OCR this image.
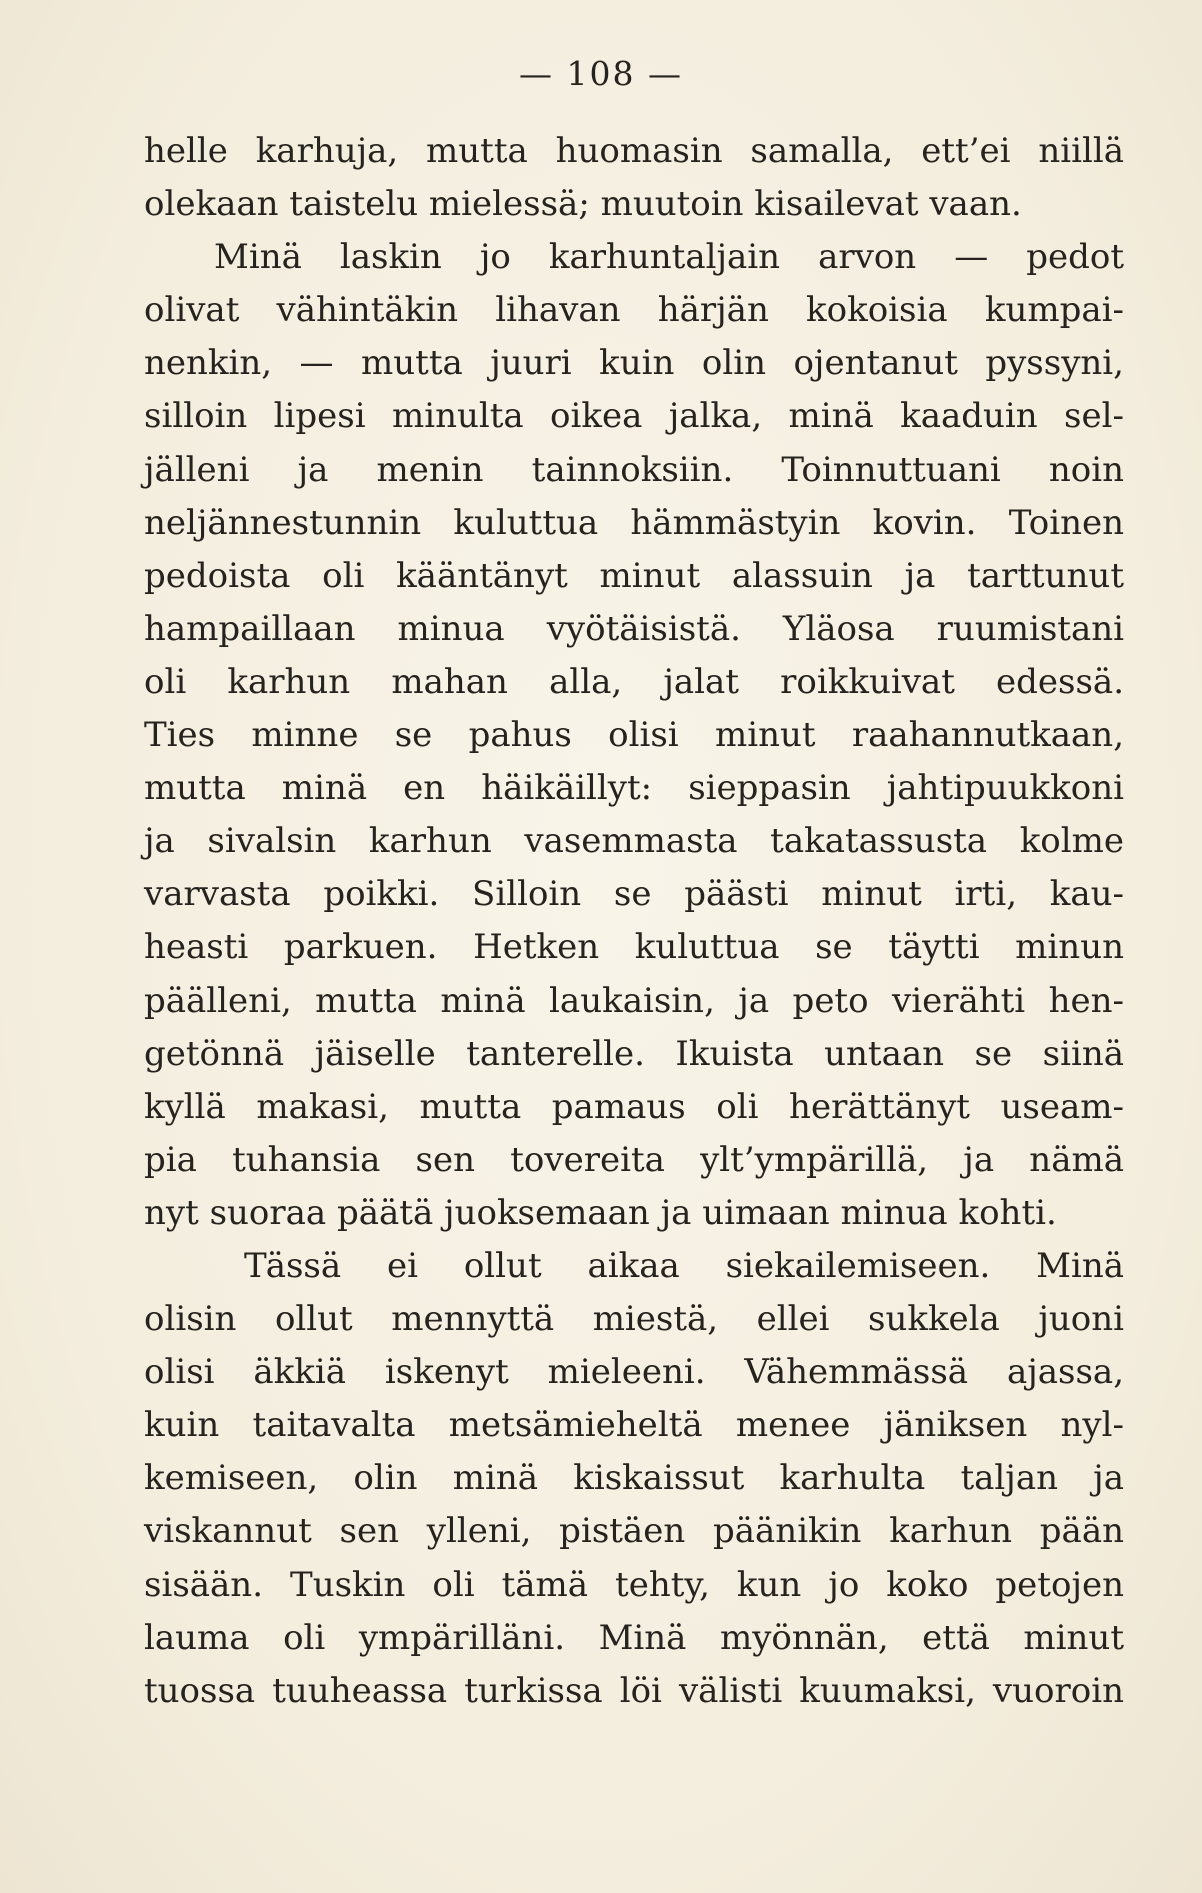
— 108 —
helle karhuja, mutta huomasin samalla, ett’ei niillä
olekaan taistelu mielessä; muutoin kisailevat vaan.
Minä laskin jo karhuntaljain arvon — pedot
olivat vähintäkin lihavan härjän kokoisia kumpai-
nenkin, — mutta juuri kuin olin ojentanut pyssyni,
silloin lipesi minulta oikea jalka, minä kaaduin sel-
jälleni ja menin tainnoksiin. Toinnuttuani noin
neljännestunnin kuluttua hämmästyin kovin. Toinen
pedoista oli kääntänyt minut alassuin ja tarttunut
hampaillaan minua vyötäisistä. Yläosa ruumistani
oli karhun mahan alla, jalat roikkuivat edessä.
Ties minne se pahus olisi minut raahannutkaan,
mutta minä en häikäillyt: sieppasin jahtipuukkoni
ja sivalsin karhun vasemmasta takatassusta kolme
varvasta poikki. Silloin se päästi minut irti, kau-
heasti parkuen. Hetken kuluttua se täytti minun
päälleni, mutta minä laukaisin, ja peto vierähti hen-
getönnä jäiselle tanterelle. Ikuista untaan se siinä
kyllä makasi, mutta pamaus oli herättänyt useam-
pia tuhansia sen tovereita ylt’ympärillä, ja nämä
nyt suoraa päätä juoksemaan ja uimaan minua kohti.
Tässä ei ollut aikaa siekailemiseen. Minä
olisin ollut mennyttä miestä, ellei sukkela juoni
olisi äkkiä iskenyt mieleeni. Vähemmässä ajassa,
kuin taitavalta metsämieheltä menee jäniksen nyl-
kemiseen, olin minä kiskaissut karhulta taljan ja
viskannut sen ylleni, pistäen päänikin karhun pään
sisään. Tuskin oli tämä tehty, kun jo koko petojen
lauma oli ympärilläni. Minä myönnän, että minut
tuossa tuuheassa turkissa löi välisti kuumaksi, vuoroin
